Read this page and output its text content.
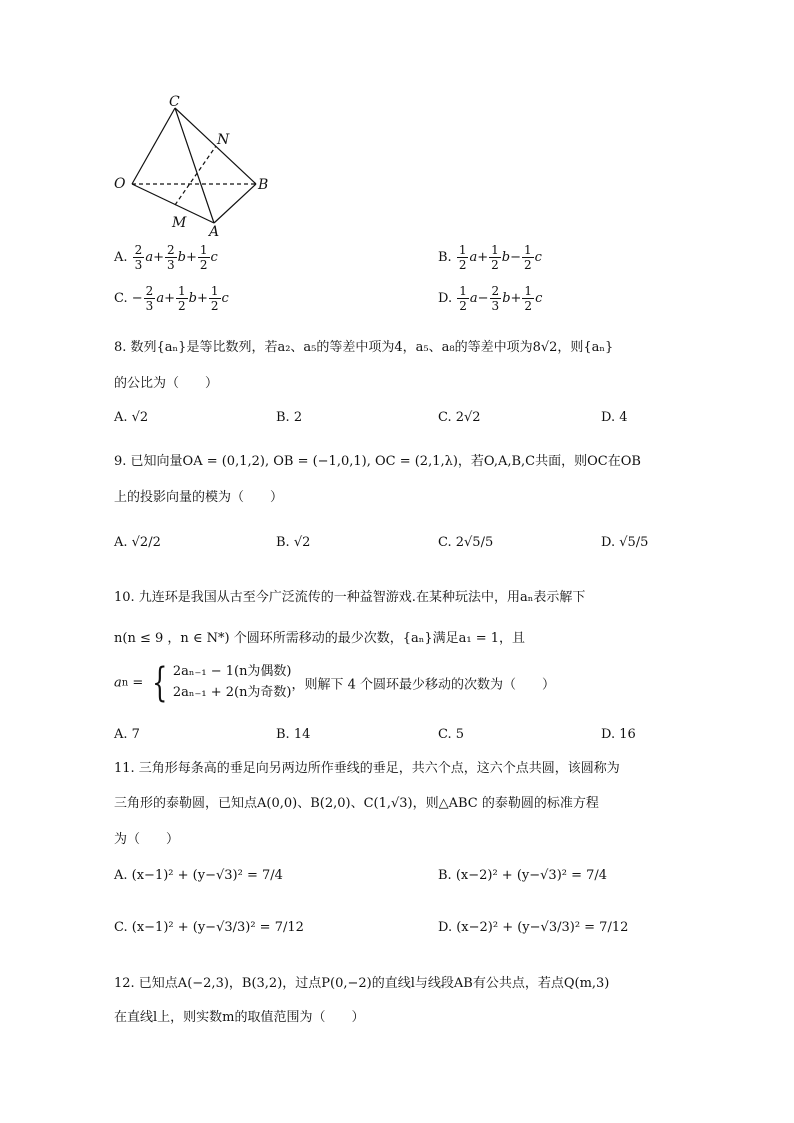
C
N
O	B
M
A
A. $\frac{2}{3} a+ \frac{2}{3} b+ \frac{1}{2}$ c	B. $\frac{1}{2} a+ \frac{1}{2} b- \frac{1}{2}$ c
C. − $\frac{2}{3} a+ \frac{1}{2} b+ \frac{1}{2}$ c	D. $\frac{1}{2} a- \frac{2}{3} b+ \frac{1}{2}$ c
8. 数列{aₙ}是等比数列，若a₂、a₅的等差中项为4，a₅、a₈的等差中项为8√2，则{aₙ}
的公比为（　　）
A. √2	B. 2	C. 2√2	D. 4
9. 已知向量OA = (0,1,2), OB = (−1,0,1), OC = (2,1,λ)，若O,A,B,C共面，则OC在OB
上的投影向量的模为（　　）
A. √2/2	B. √2	C. 2√5/5	D. √5/5
10. 九连环是我国从古至今广泛流传的一种益智游戏.在某种玩法中，用aₙ表示解下
n(n ≤ 9 ，n ∈ N*) 个圆环所需移动的最少次数，{aₙ}满足a₁ = 1，且
an = { 2aₙ₋₁ − 1(n为偶数)
2aₙ₋₁ + 2(n为奇数) ，则解下 4 个圆环最少移动的次数为（　　）
A. 7	B. 14	C. 5	D. 16
11. 三角形每条高的垂足向另两边所作垂线的垂足，共六个点，这六个点共圆，该圆称为
三角形的泰勒圆，已知点A(0,0)、B(2,0)、C(1,√3)，则△ABC 的泰勒圆的标准方程
为（　　）
A. (x−1)² + (y−√3)² = 7/4	B. (x−2)² + (y−√3)² = 7/4
C. (x−1)² + (y−√3/3)² = 7/12	D. (x−2)² + (y−√3/3)² = 7/12
12. 已知点A(−2,3)，B(3,2)，过点P(0,−2)的直线l与线段AB有公共点，若点Q(m,3)
在直线l上，则实数m的取值范围为（　　）
